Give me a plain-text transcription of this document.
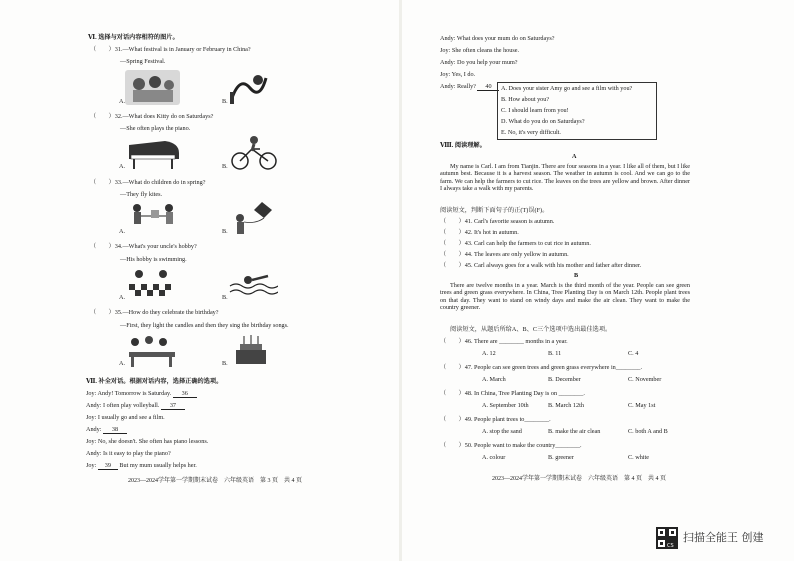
Ⅵ. 选择与对话内容相符的图片。
（　　）31.—What festival is in January or February in China?
—Spring Festival.
A.	B.
（　　）32.—What does Kitty do on Saturdays?
—She often plays the piano.
A.	B.
（　　）33.—What do children do in spring?
—They fly kites.
A.	B.
（　　）34.—What's your uncle's hobby?
—His hobby is swimming.
A.	B.
（　　）35.—How do they celebrate the birthday?
—First, they light the candles and then they sing the birthday songs.
A.	B.
Ⅶ. 补全对话。根据对话内容，选择正确的选项。
Joy: Andy! Tomorrow is Saturday. 36
Andy: I often play volleyball. 37
Joy: I usually go and see a film.
Andy: 38
Joy: No, she doesn't. She often has piano lessons.
Andy: Is it easy to play the piano?
Joy: 39 But my mum usually helps her.
2023—2024学年第一学期期末试卷　六年级英语　第 3 页　共 4 页
Andy: What does your mum do on Saturdays?
Joy: She often cleans the house.
Andy: Do you help your mum?
Joy: Yes, I do.
Andy: Really? 40	A. Does your sister Amy go and see a film with you?
B. How about you?
C. I should learn from you!
D. What do you do on Saturdays?
E. No, it's very difficult.
Ⅷ. 阅读理解。
A
My name is Carl. I am from Tianjin. There are four seasons in a year. I like all of them, but I like autumn best. Because it is a harvest season. The weather in autumn is cool. And we can go to the farm. We can help the farmers to cut rice. The leaves on the trees are yellow and brown. After dinner I always take a walk with my parents.
阅读短文，判断下面句子的正(T)误(F)。
（　　）41. Carl's favorite season is autumn.
（　　）42. It's hot in autumn.
（　　）43. Carl can help the farmers to cut rice in autumn.
（　　）44. The leaves are only yellow in autumn.
（　　）45. Carl always goes for a walk with his mother and father after dinner.
B
There are twelve months in a year. March is the third month of the year. People can see green trees and green grass everywhere. In China, Tree Planting Day is on March 12th. People plant trees on that day. They want to stand on windy days and make the air clean. They want to make the country greener.
阅读短文，从题后所给A、B、C三个选项中选出最佳选项。
（　　）46. There are ________ months in a year.
A. 12	B. 11	C. 4
（　　）47. People can see green trees and green grass everywhere in________.
A. March	B. December	C. November
（　　）48. In China, Tree Planting Day is on ________.
A. September 10th	B. March 12th	C. May 1st
（　　）49. People plant trees to________.
A. stop the sand	B. make the air clean	C. both A and B
（　　）50. People want to make the country________.
A. colour	B. greener	C. white
2023—2024学年第一学期期末试卷　六年级英语　第 4 页　共 4 页
CS
扫描全能王 创建
